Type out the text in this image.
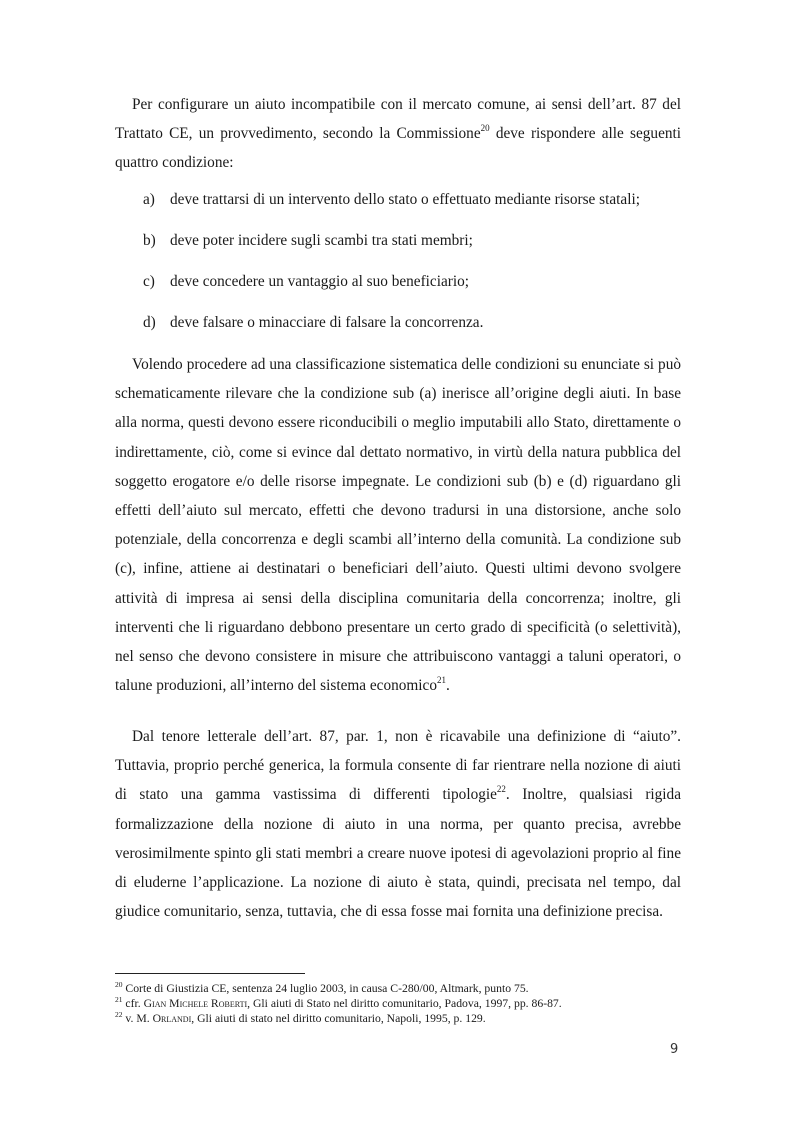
Per configurare un aiuto incompatibile con il mercato comune, ai sensi dell’art. 87 del Trattato CE, un provvedimento, secondo la Commissione$^{20}$ deve rispondere alle seguenti quattro condizione:

a) deve trattarsi di un intervento dello stato o effettuato mediante risorse statali;
b) deve poter incidere sugli scambi tra stati membri;
c) deve concedere un vantaggio al suo beneficiario;
d) deve falsare o minacciare di falsare la concorrenza.

Volendo procedere ad una classificazione sistematica delle condizioni su enunciate si può schematicamente rilevare che la condizione sub (a) inerisce all’origine degli aiuti. In base alla norma, questi devono essere riconducibili o meglio imputabili allo Stato, direttamente o indirettamente, ciò, come si evince dal dettato normativo, in virtù della natura pubblica del soggetto erogatore e/o delle risorse impegnate. Le condizioni sub (b) e (d) riguardano gli effetti dell’aiuto sul mercato, effetti che devono tradursi in una distorsione, anche solo potenziale, della concorrenza e degli scambi all’interno della comunità. La condizione sub (c), infine, attiene ai destinatari o beneficiari dell’aiuto. Questi ultimi devono svolgere attività di impresa ai sensi della disciplina comunitaria della concorrenza; inoltre, gli interventi che li riguardano debbono presentare un certo grado di specificità (o selettività), nel senso che devono consistere in misure che attribuiscono vantaggi a taluni operatori, o talune produzioni, all’interno del sistema economico$^{21}$.

Dal tenore letterale dell’art. 87, par. 1, non è ricavabile una definizione di “aiuto”. Tuttavia, proprio perché generica, la formula consente di far rientrare nella nozione di aiuti di stato una gamma vastissima di differenti tipologie$^{22}$. Inoltre, qualsiasi rigida formalizzazione della nozione di aiuto in una norma, per quanto precisa, avrebbe verosimilmente spinto gli stati membri a creare nuove ipotesi di agevolazioni proprio al fine di eluderne l’applicazione. La nozione di aiuto è stata, quindi, precisata nel tempo, dal giudice comunitario, senza, tuttavia, che di essa fosse mai fornita una definizione precisa.

$^{20}$ Corte di Giustizia CE, sentenza 24 luglio 2003, in causa C-280/00, Altmark, punto 75.
$^{21}$ cfr. Gian Michele Roberti, Gli aiuti di Stato nel diritto comunitario, Padova, 1997, pp. 86-87.
$^{22}$ v. M. Orlandi, Gli aiuti di stato nel diritto comunitario, Napoli, 1995, p. 129.
9
